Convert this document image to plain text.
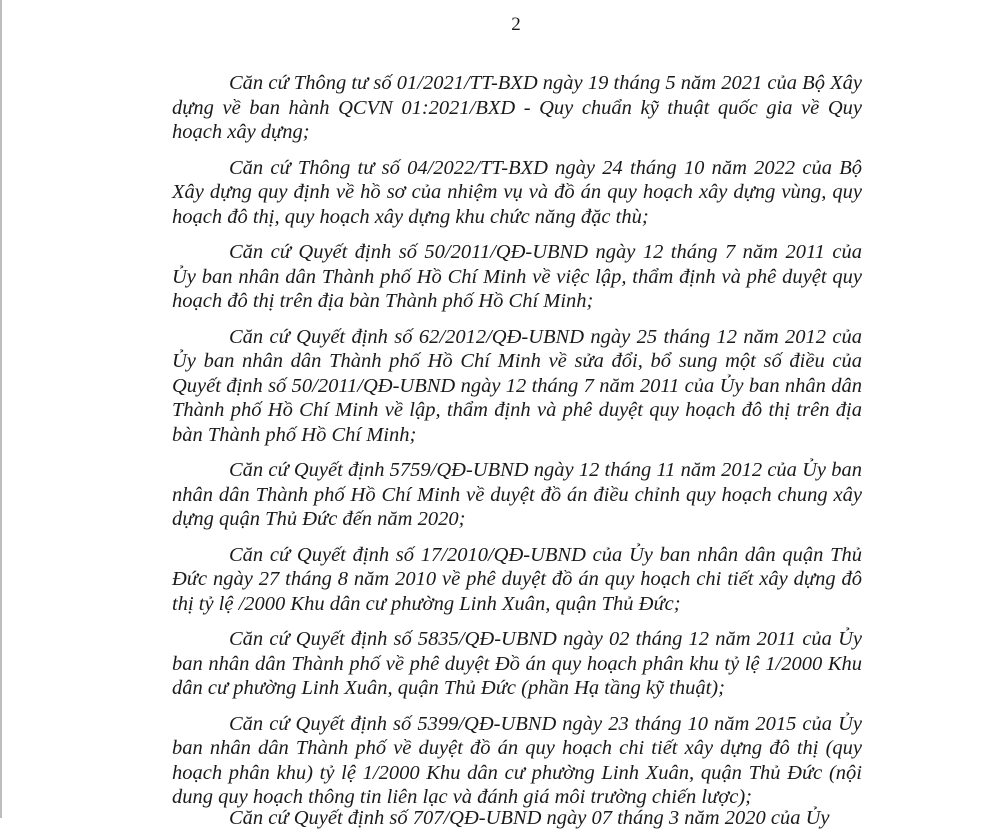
2

Căn cứ Thông tư số 01/2021/TT-BXD ngày 19 tháng 5 năm 2021 của Bộ Xây dựng về ban hành QCVN 01:2021/BXD - Quy chuẩn kỹ thuật quốc gia về Quy hoạch xây dựng;

Căn cứ Thông tư số 04/2022/TT-BXD ngày 24 tháng 10 năm 2022 của Bộ Xây dựng quy định về hồ sơ của nhiệm vụ và đồ án quy hoạch xây dựng vùng, quy hoạch đô thị, quy hoạch xây dựng khu chức năng đặc thù;

Căn cứ Quyết định số 50/2011/QĐ-UBND ngày 12 tháng 7 năm 2011 của Ủy ban nhân dân Thành phố Hồ Chí Minh về việc lập, thẩm định và phê duyệt quy hoạch đô thị trên địa bàn Thành phố Hồ Chí Minh;

Căn cứ Quyết định số 62/2012/QĐ-UBND ngày 25 tháng 12 năm 2012 của Ủy ban nhân dân Thành phố Hồ Chí Minh về sửa đổi, bổ sung một số điều của Quyết định số 50/2011/QĐ-UBND ngày 12 tháng 7 năm 2011 của Ủy ban nhân dân Thành phố Hồ Chí Minh về lập, thẩm định và phê duyệt quy hoạch đô thị trên địa bàn Thành phố Hồ Chí Minh;

Căn cứ Quyết định 5759/QĐ-UBND ngày 12 tháng 11 năm 2012 của Ủy ban nhân dân Thành phố Hồ Chí Minh về duyệt đồ án điều chỉnh quy hoạch chung xây dựng quận Thủ Đức đến năm 2020;

Căn cứ Quyết định số 17/2010/QĐ-UBND của Ủy ban nhân dân quận Thủ Đức ngày 27 tháng 8 năm 2010 về phê duyệt đồ án quy hoạch chi tiết xây dựng đô thị tỷ lệ /2000 Khu dân cư phường Linh Xuân, quận Thủ Đức;

Căn cứ Quyết định số 5835/QĐ-UBND ngày 02 tháng 12 năm 2011 của Ủy ban nhân dân Thành phố về phê duyệt Đồ án quy hoạch phân khu tỷ lệ 1/2000 Khu dân cư phường Linh Xuân, quận Thủ Đức (phần Hạ tầng kỹ thuật);

Căn cứ Quyết định số 5399/QĐ-UBND ngày 23 tháng 10 năm 2015 của Ủy ban nhân dân Thành phố về duyệt đồ án quy hoạch chi tiết xây dựng đô thị (quy hoạch phân khu) tỷ lệ 1/2000 Khu dân cư phường Linh Xuân, quận Thủ Đức (nội dung quy hoạch thông tin liên lạc và đánh giá môi trường chiến lược);

Căn cứ Quyết định số 707/QĐ-UBND ngày 07 tháng 3 năm 2020 của Ủy
